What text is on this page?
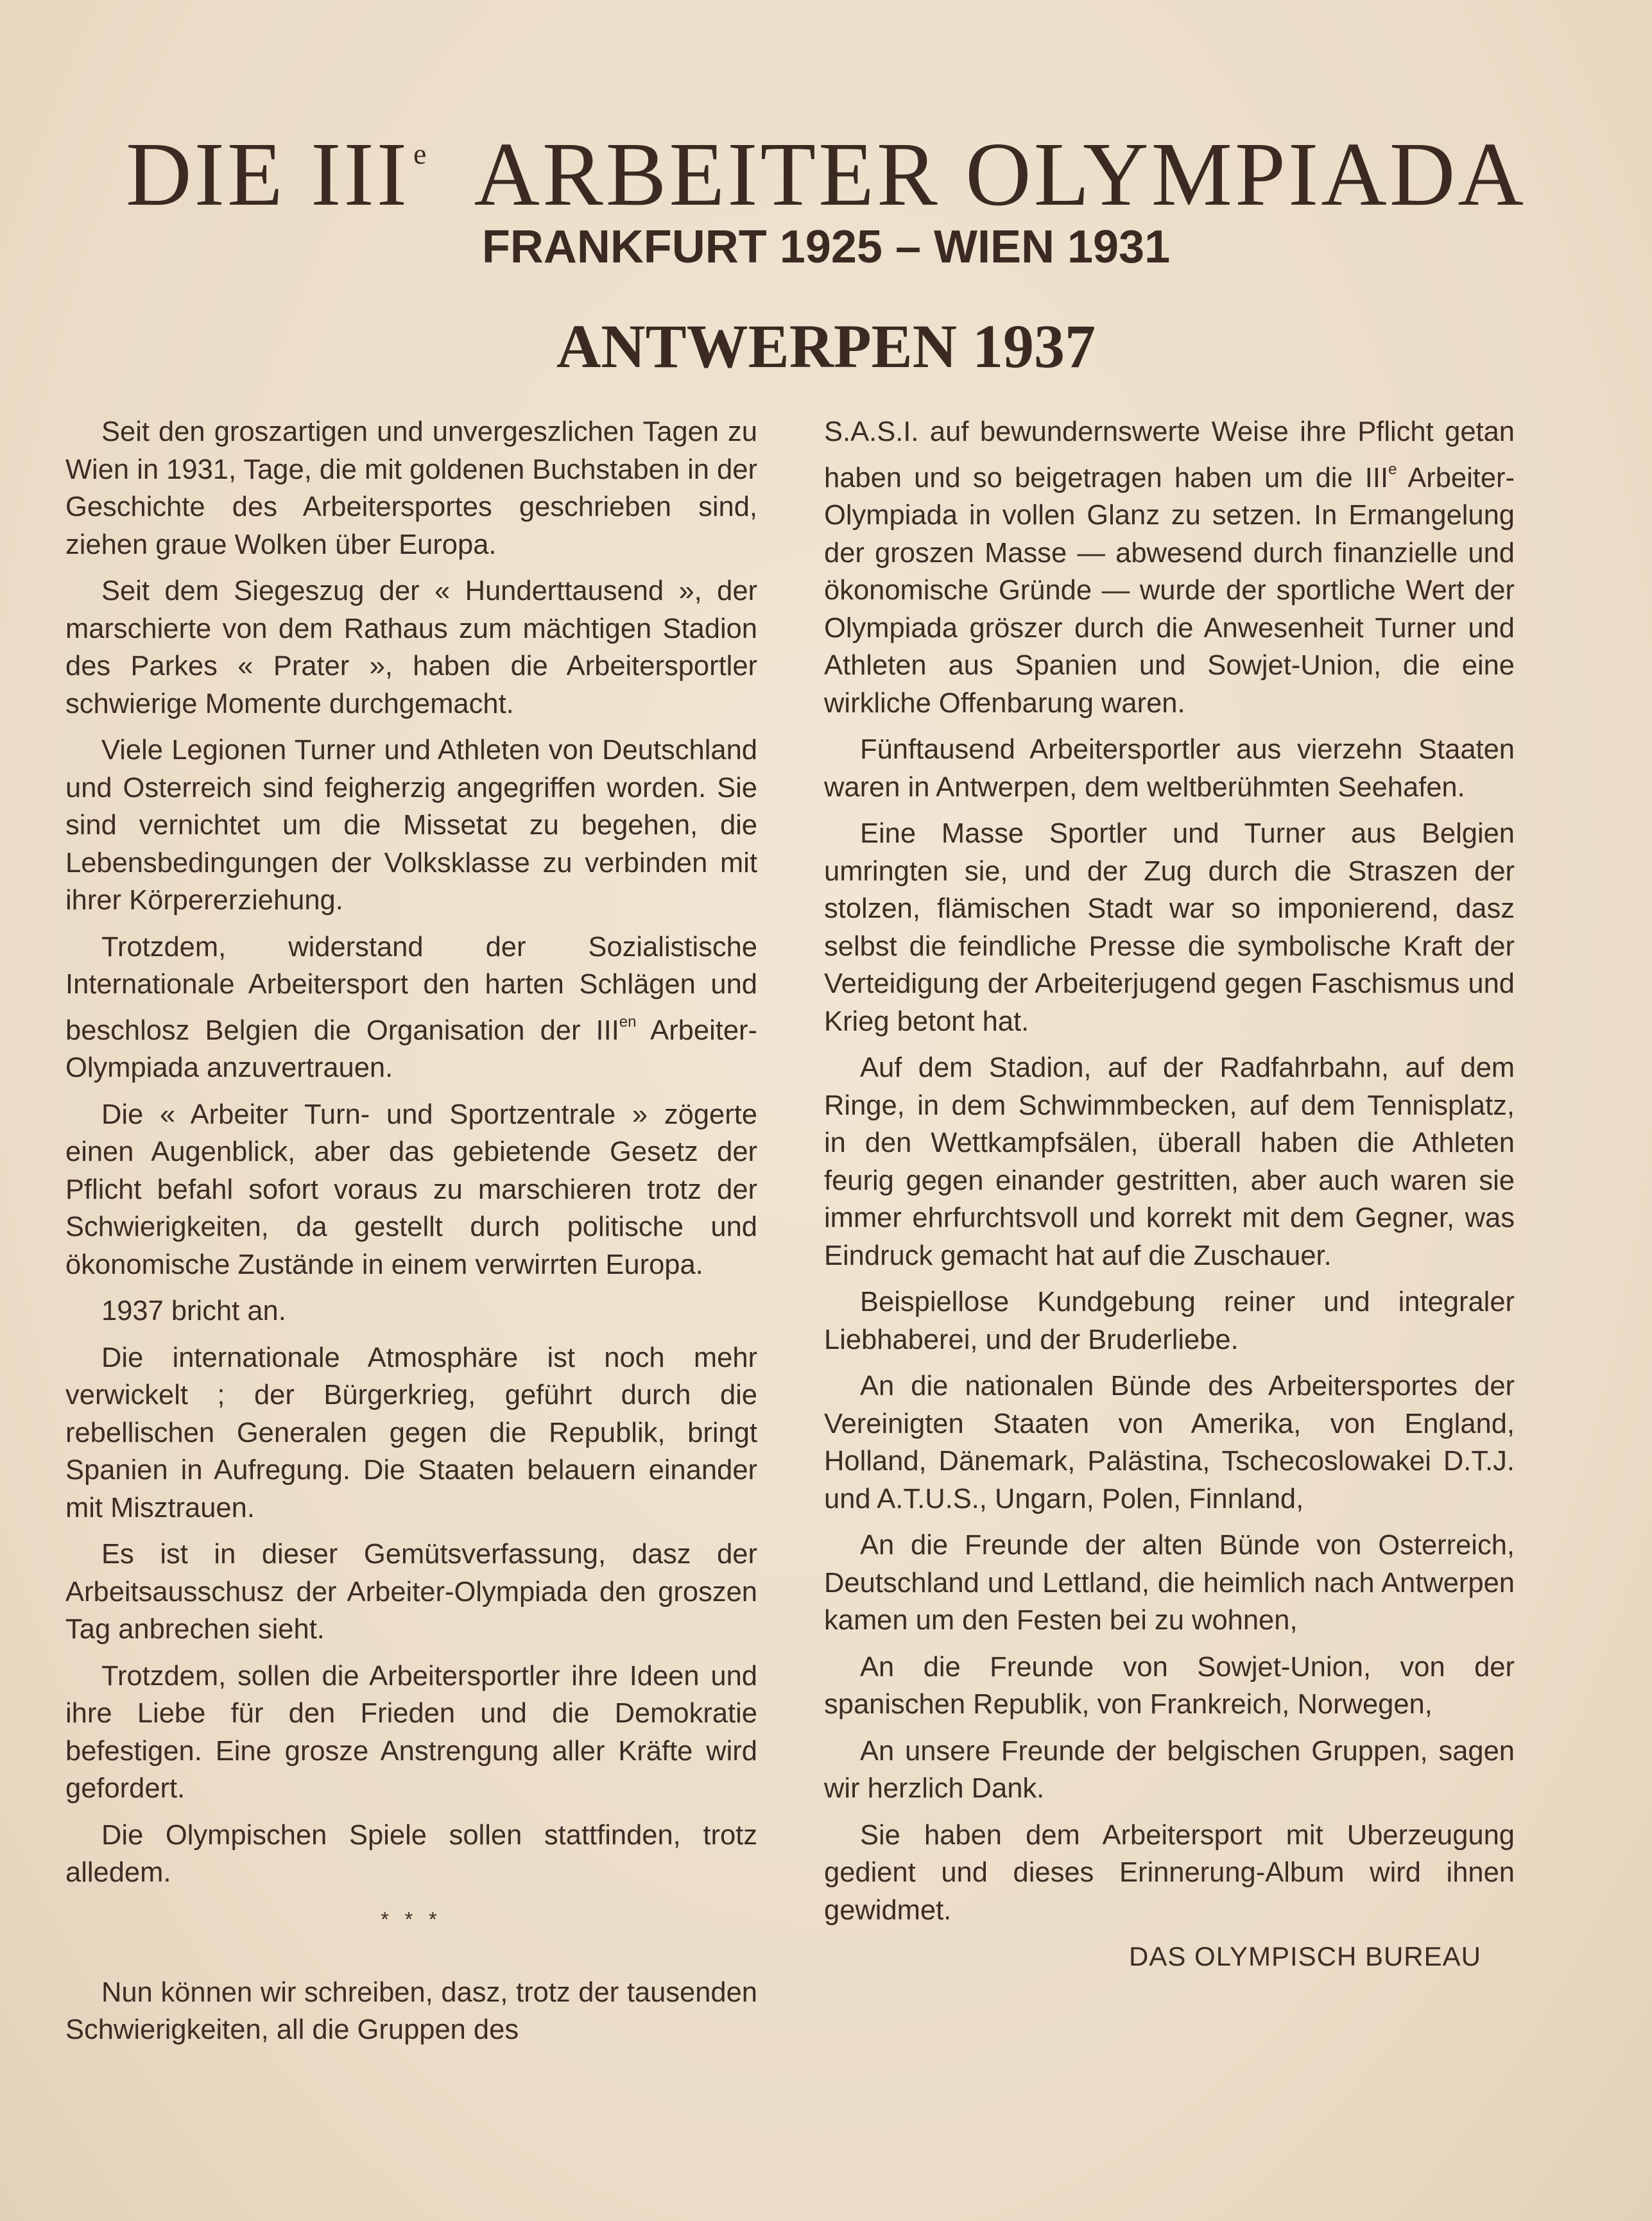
DIE III $^e$ ARBEITER OLYMPIADA
FRANKFURT 1925 – WIEN 1931
ANTWERPEN 1937

Seit den groszartigen und unvergeszlichen Tagen zu Wien in 1931, Tage, die mit goldenen Buchstaben in der Geschichte des Arbeitersportes geschrieben sind, ziehen graue Wolken über Europa.

Seit dem Siegeszug der « Hunderttausend », der marschierte von dem Rathaus zum mächtigen Stadion des Parkes « Prater », haben die Arbeitersportler schwierige Momente durchgemacht.

Viele Legionen Turner und Athleten von Deutschland und Osterreich sind feigherzig angegriffen worden. Sie sind vernichtet um die Missetat zu begehen, die Lebensbedingungen der Volksklasse zu verbinden mit ihrer Körpererziehung.

Trotzdem, widerstand der Sozialistische Internationale Arbeitersport den harten Schlägen und beschlosz Belgien die Organisation der $III^{en}$ Arbeiter-Olympiada anzuvertrauen.

Die « Arbeiter Turn- und Sportzentrale » zögerte einen Augenblick, aber das gebietende Gesetz der Pflicht befahl sofort voraus zu marschieren trotz der Schwierigkeiten, da gestellt durch politische und ökonomische Zustände in einem verwirrten Europa.

1937 bricht an.

Die internationale Atmosphäre ist noch mehr verwickelt ; der Bürgerkrieg, geführt durch die rebellischen Generalen gegen die Republik, bringt Spanien in Aufregung. Die Staaten belauern einander mit Misztrauen.

Es ist in dieser Gemütsverfassung, dasz der Arbeitsausschusz der Arbeiter-Olympiada den groszen Tag anbrechen sieht.

Trotzdem, sollen die Arbeitersportler ihre Ideen und ihre Liebe für den Frieden und die Demokratie befestigen. Eine grosze Anstrengung aller Kräfte wird gefordert.

Die Olympischen Spiele sollen stattfinden, trotz alledem.

* * *

Nun können wir schreiben, dasz, trotz der tausenden Schwierigkeiten, all die Gruppen des

S.A.S.I. auf bewundernswerte Weise ihre Pflicht getan haben und so beigetragen haben um die IIIe Arbeiter-Olympiada in vollen Glanz zu setzen. In Ermangelung der groszen Masse — abwesend durch finanzielle und ökonomische Gründe — wurde der sportliche Wert der Olympiada gröszer durch die Anwesenheit Turner und Athleten aus Spanien und Sowjet-Union, die eine wirkliche Offenbarung waren.

Fünftausend Arbeitersportler aus vierzehn Staaten waren in Antwerpen, dem weltberühmten Seehafen.

Eine Masse Sportler und Turner aus Belgien umringten sie, und der Zug durch die Straszen der stolzen, flämischen Stadt war so imponierend, dasz selbst die feindliche Presse die symbolische Kraft der Verteidigung der Arbeiterjugend gegen Faschismus und Krieg betont hat.

Auf dem Stadion, auf der Radfahrbahn, auf dem Ringe, in dem Schwimmbecken, auf dem Tennisplatz, in den Wettkampfsälen, überall haben die Athleten feurig gegen einander gestritten, aber auch waren sie immer ehrfurchtsvoll und korrekt mit dem Gegner, was Eindruck gemacht hat auf die Zuschauer.

Beispiellose Kundgebung reiner und integraler Liebhaberei, und der Bruderliebe.

An die nationalen Bünde des Arbeitersportes der Vereinigten Staaten von Amerika, von England, Holland, Dänemark, Palästina, Tschecoslowakei D.T.J. und A.T.U.S., Ungarn, Polen, Finnland,

An die Freunde der alten Bünde von Osterreich, Deutschland und Lettland, die heimlich nach Antwerpen kamen um den Festen bei zu wohnen,

An die Freunde von Sowjet-Union, von der spanischen Republik, von Frankreich, Norwegen,

An unsere Freunde der belgischen Gruppen, sagen wir herzlich Dank.

Sie haben dem Arbeitersport mit Uberzeugung gedient und dieses Erinnerung-Album wird ihnen gewidmet.

DAS OLYMPISCH BUREAU
